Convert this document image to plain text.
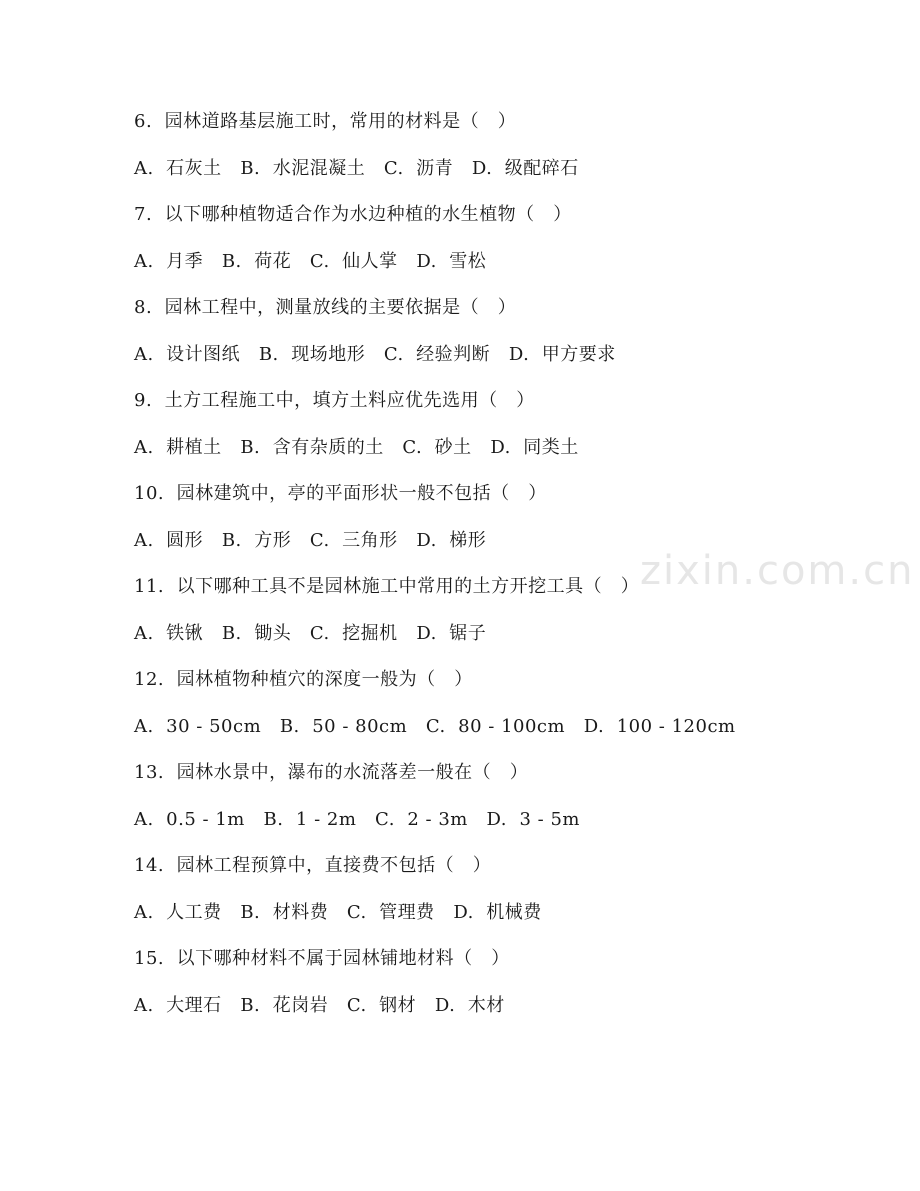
6.  园林道路基层施工时，常用的材料是（   ）
A.  石灰土   B.  水泥混凝土   C.  沥青   D.  级配碎石
7.  以下哪种植物适合作为水边种植的水生植物（   ）
A.  月季   B.  荷花   C.  仙人掌   D.  雪松
8.  园林工程中，测量放线的主要依据是（   ）
A.  设计图纸   B.  现场地形   C.  经验判断   D.  甲方要求
9.  土方工程施工中，填方土料应优先选用（   ）
A.  耕植土   B.  含有杂质的土   C.  砂土   D.  同类土
10.  园林建筑中，亭的平面形状一般不包括（   ）
A.  圆形   B.  方形   C.  三角形   D.  梯形
11.  以下哪种工具不是园林施工中常用的土方开挖工具（   ）
A.  铁锹   B.  锄头   C.  挖掘机   D.  锯子
12.  园林植物种植穴的深度一般为（   ）
A.  30 - 50cm   B.  50 - 80cm   C.  80 - 100cm   D.  100 - 120cm
13.  园林水景中，瀑布的水流落差一般在（   ）
A.  0.5 - 1m   B.  1 - 2m   C.  2 - 3m   D.  3 - 5m
14.  园林工程预算中，直接费不包括（   ）
A.  人工费   B.  材料费   C.  管理费   D.  机械费
15.  以下哪种材料不属于园林铺地材料（   ）
A.  大理石   B.  花岗岩   C.  钢材   D.  木材
zixin.com.cn
